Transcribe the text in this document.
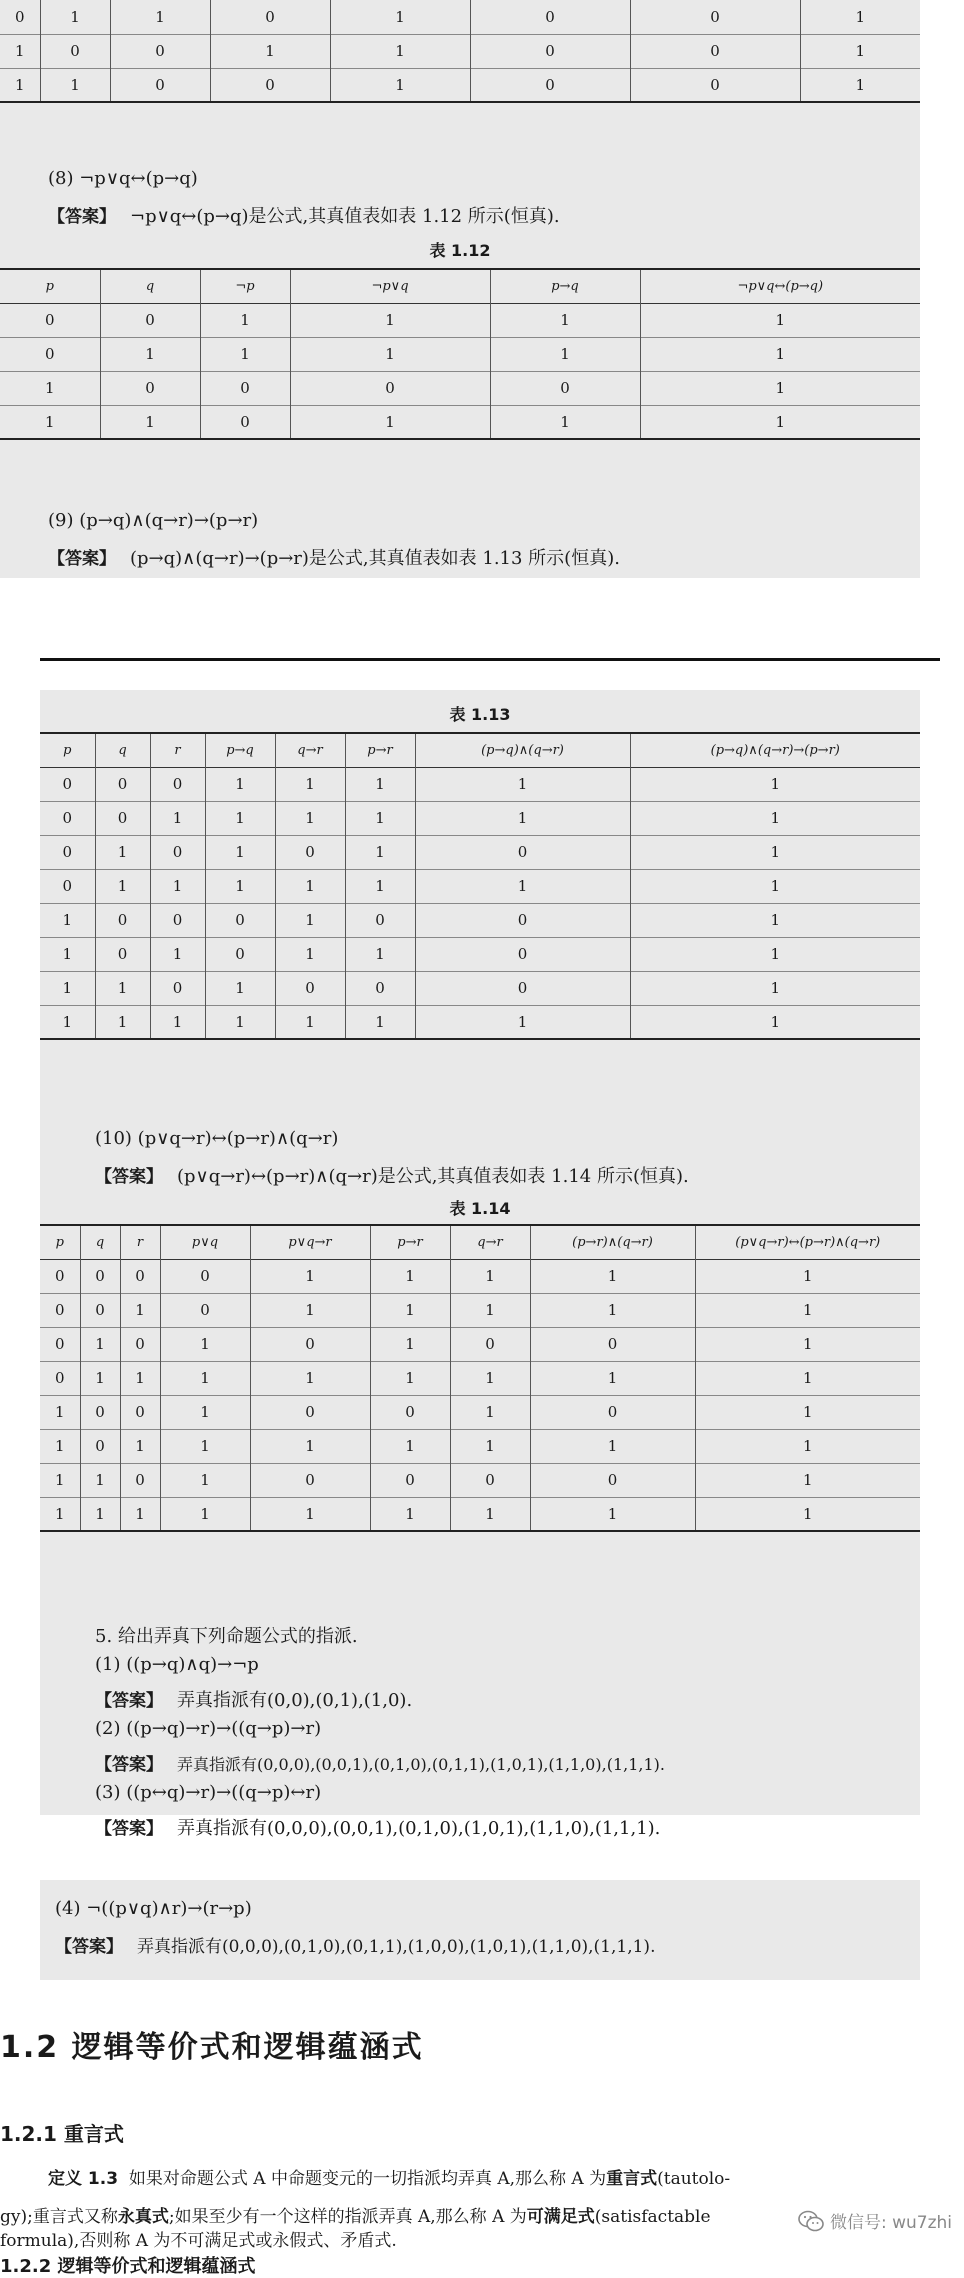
0	1	1	0	1	0	0	1
1	0	0	1	1	0	0	1
1	1	0	0	1	0	0	1
(8) ¬p∨q↔(p→q)
【答案】 ¬p∨q↔(p→q)是公式,其真值表如表 1.12 所示(恒真).
表 1.12
p	q	¬p	¬p∨q	p→q	¬p∨q↔(p→q)
0	0	1	1	1	1
0	1	1	1	1	1
1	0	0	0	0	1
1	1	0	1	1	1
(9) (p→q)∧(q→r)→(p→r)
【答案】 (p→q)∧(q→r)→(p→r)是公式,其真值表如表 1.13 所示(恒真).
表 1.13
p	q	r	p→q	q→r	p→r	(p→q)∧(q→r)	(p→q)∧(q→r)→(p→r)
0	0	0	1	1	1	1	1
0	0	1	1	1	1	1	1
0	1	0	1	0	1	0	1
0	1	1	1	1	1	1	1
1	0	0	0	1	0	0	1
1	0	1	0	1	1	0	1
1	1	0	1	0	0	0	1
1	1	1	1	1	1	1	1
(10) (p∨q→r)↔(p→r)∧(q→r)
【答案】 (p∨q→r)↔(p→r)∧(q→r)是公式,其真值表如表 1.14 所示(恒真).
表 1.14
p	q	r	p∨q	p∨q→r	p→r	q→r	(p→r)∧(q→r)	(p∨q→r)↔(p→r)∧(q→r)
0	0	0	0	1	1	1	1	1
0	0	1	0	1	1	1	1	1
0	1	0	1	0	1	0	0	1
0	1	1	1	1	1	1	1	1
1	0	0	1	0	0	1	0	1
1	0	1	1	1	1	1	1	1
1	1	0	1	0	0	0	0	1
1	1	1	1	1	1	1	1	1
5. 给出弄真下列命题公式的指派.
(1) ((p→q)∧q)→¬p
【答案】 弄真指派有(0,0),(0,1),(1,0).
(2) ((p→q)→r)→((q→p)→r)
【答案】 弄真指派有(0,0,0),(0,0,1),(0,1,0),(0,1,1),(1,0,1),(1,1,0),(1,1,1).
(3) ((p↔q)→r)→((q→p)↔r)
【答案】 弄真指派有(0,0,0),(0,0,1),(0,1,0),(1,0,1),(1,1,0),(1,1,1).
(4) ¬((p∨q)∧r)→(r→p)
【答案】 弄真指派有(0,0,0),(0,1,0),(0,1,1),(1,0,0),(1,0,1),(1,1,0),(1,1,1).
1.2 逻辑等价式和逻辑蕴涵式
1.2.1 重言式
定义 1.3 如果对命题公式 A 中命题变元的一切指派均弄真 A,那么称 A 为重言式(tautolo-
gy);重言式又称永真式;如果至少有一个这样的指派弄真 A,那么称 A 为可满足式(satisfactable
formula),否则称 A 为不可满足式或永假式、矛盾式.
1.2.2 逻辑等价式和逻辑蕴涵式
微信号: wu7zhi
